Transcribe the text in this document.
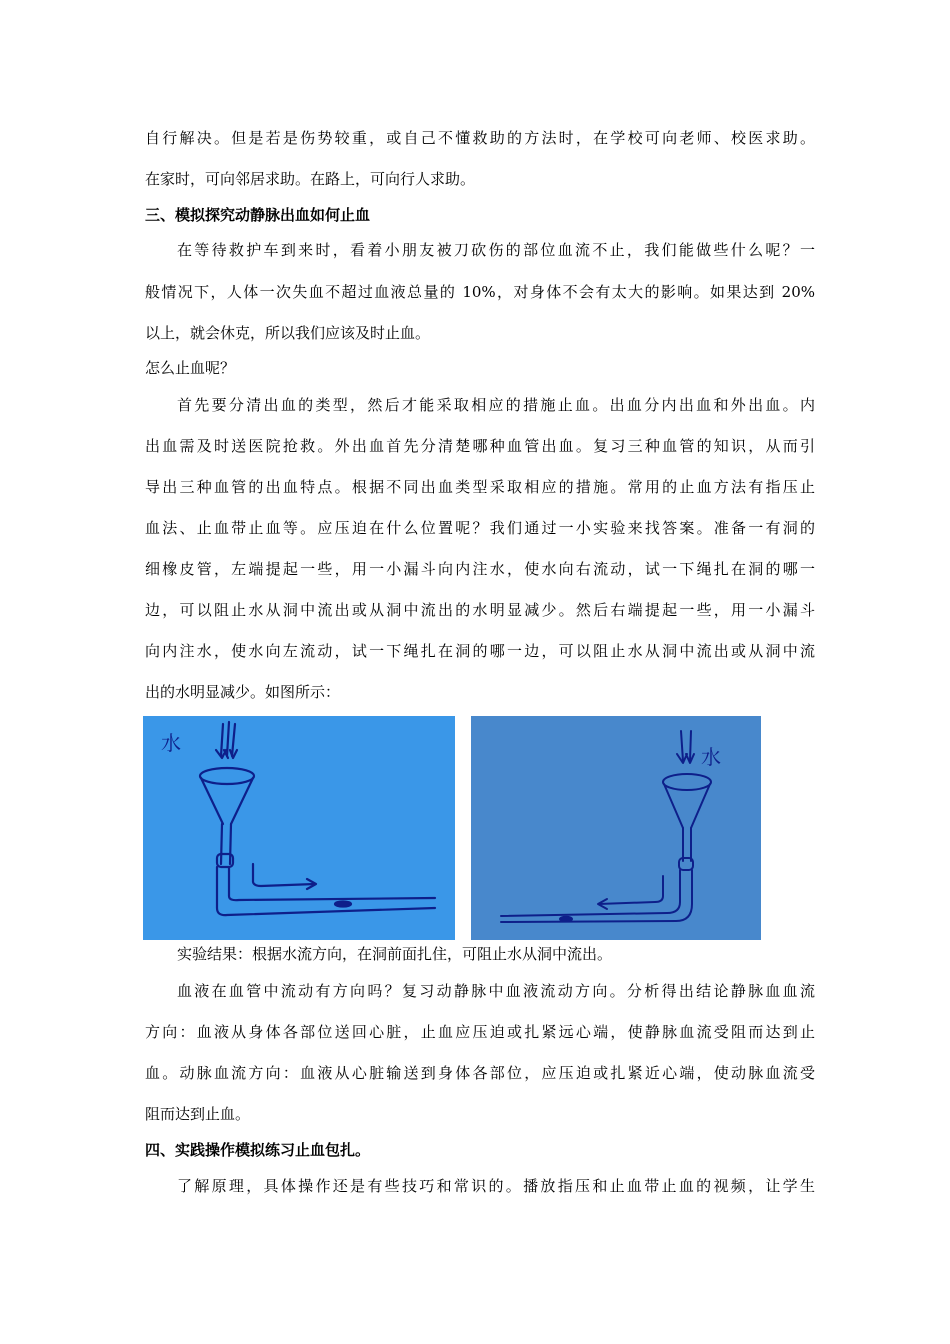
自行解决。但是若是伤势较重，或自己不懂救助的方法时，在学校可向老师、校医求助。
在家时，可向邻居求助。在路上，可向行人求助。
三、模拟探究动静脉出血如何止血
在等待救护车到来时，看着小朋友被刀砍伤的部位血流不止，我们能做些什么呢？一
般情况下，人体一次失血不超过血液总量的 10%，对身体不会有太大的影响。如果达到 20%
以上，就会休克，所以我们应该及时止血。
怎么止血呢？
首先要分清出血的类型，然后才能采取相应的措施止血。出血分内出血和外出血。内
出血需及时送医院抢救。外出血首先分清楚哪种血管出血。复习三种血管的知识，从而引
导出三种血管的出血特点。根据不同出血类型采取相应的措施。常用的止血方法有指压止
血法、止血带止血等。应压迫在什么位置呢？我们通过一小实验来找答案。准备一有洞的
细橡皮管，左端提起一些，用一小漏斗向内注水，使水向右流动，试一下绳扎在洞的哪一
边，可以阻止水从洞中流出或从洞中流出的水明显减少。然后右端提起一些，用一小漏斗
向内注水，使水向左流动，试一下绳扎在洞的哪一边，可以阻止水从洞中流出或从洞中流
出的水明显减少。如图所示：
水
水
实验结果：根据水流方向，在洞前面扎住，可阻止水从洞中流出。
血液在血管中流动有方向吗？复习动静脉中血液流动方向。分析得出结论静脉血血流
方向：血液从身体各部位送回心脏，止血应压迫或扎紧远心端，使静脉血流受阻而达到止
血。动脉血流方向：血液从心脏输送到身体各部位，应压迫或扎紧近心端，使动脉血流受
阻而达到止血。
四、实践操作模拟练习止血包扎。
了解原理，具体操作还是有些技巧和常识的。播放指压和止血带止血的视频，让学生
